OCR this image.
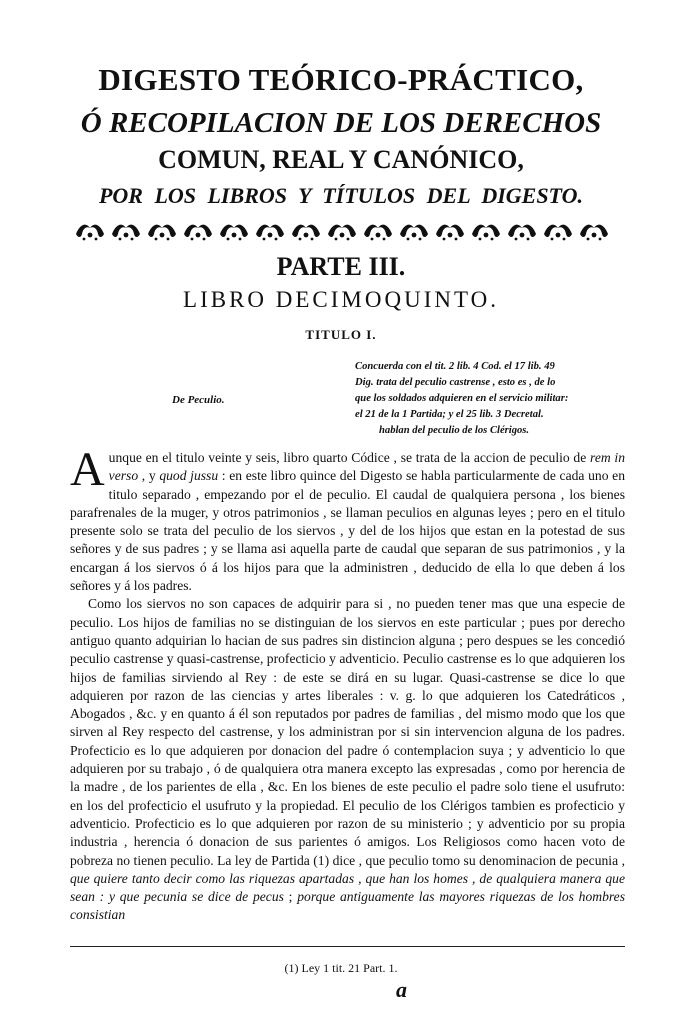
DIGESTO TEÓRICO-PRÁCTICO,
Ó RECOPILACION DE LOS DERECHOS
COMUN, REAL Y CANÓNICO,
POR LOS LIBROS Y TÍTULOS DEL DIGESTO.
PARTE III.
LIBRO DECIMOQUINTO.
TITULO I.
Concuerda con el tit. 2 lib. 4 Cod. el 17 lib. 49
Dig. trata del peculio castrense , esto es , de lo
que los soldados adquieren en el servicio militar:
el 21 de la 1 Partida; y el 25 lib. 3 Decretal.
hablan del peculio de los Clérigos.
De Peculio.

Aunque en el titulo veinte y seis, libro quarto Códice , se trata de la accion de peculio de rem in verso , y quod jussu : en este libro quince del Digesto se habla particularmente de cada uno en titulo separado , empezando por el de peculio. El caudal de qualquiera persona , los bienes parafrenales de la muger, y otros patrimonios , se llaman peculios en algunas leyes ; pero en el titulo presente solo se trata del peculio de los siervos , y del de los hijos que estan en la potestad de sus señores y de sus padres ; y se llama asi aquella parte de caudal que separan de sus patrimonios , y la encargan á los siervos ó á los hijos para que la administren , deducido de ella lo que deben á los señores y á los padres.

Como los siervos no son capaces de adquirir para si , no pueden tener mas que una especie de peculio. Los hijos de familias no se distinguian de los siervos en este particular ; pues por derecho antiguo quanto adquirian lo hacian de sus padres sin distincion alguna ; pero despues se les concedió peculio castrense y quasi-castrense, profecticio y adventicio. Peculio castrense es lo que adquieren los hijos de familias sirviendo al Rey : de este se dirá en su lugar. Quasi-castrense se dice lo que adquieren por razon de las ciencias y artes liberales : v. g. lo que adquieren los Catedráticos , Abogados , &c. y en quanto á él son reputados por padres de familias , del mismo modo que los que sirven al Rey respecto del castrense, y los administran por si sin intervencion alguna de los padres. Profecticio es lo que adquieren por donacion del padre ó contemplacion suya ; y adventicio lo que adquieren por su trabajo , ó de qualquiera otra manera excepto las expresadas , como por herencia de la madre , de los parientes de ella , &c. En los bienes de este peculio el padre solo tiene el usufruto: en los del profecticio el usufruto y la propiedad. El peculio de los Clérigos tambien es profecticio y adventicio. Profecticio es lo que adquieren por razon de su ministerio ; y adventicio por su propia industria , herencia ó donacion de sus parientes ó amigos. Los Religiosos como hacen voto de pobreza no tienen peculio. La ley de Partida (1) dice , que peculio tomo su denominacion de pecunia , que quiere tanto decir como las riquezas apartadas , que han los homes , de qualquiera manera que sean : y que pecunia se dice de pecus ; porque antiguamente las mayores riquezas de los hombres consistian

(1) Ley 1 tit. 21 Part. 1.
a
